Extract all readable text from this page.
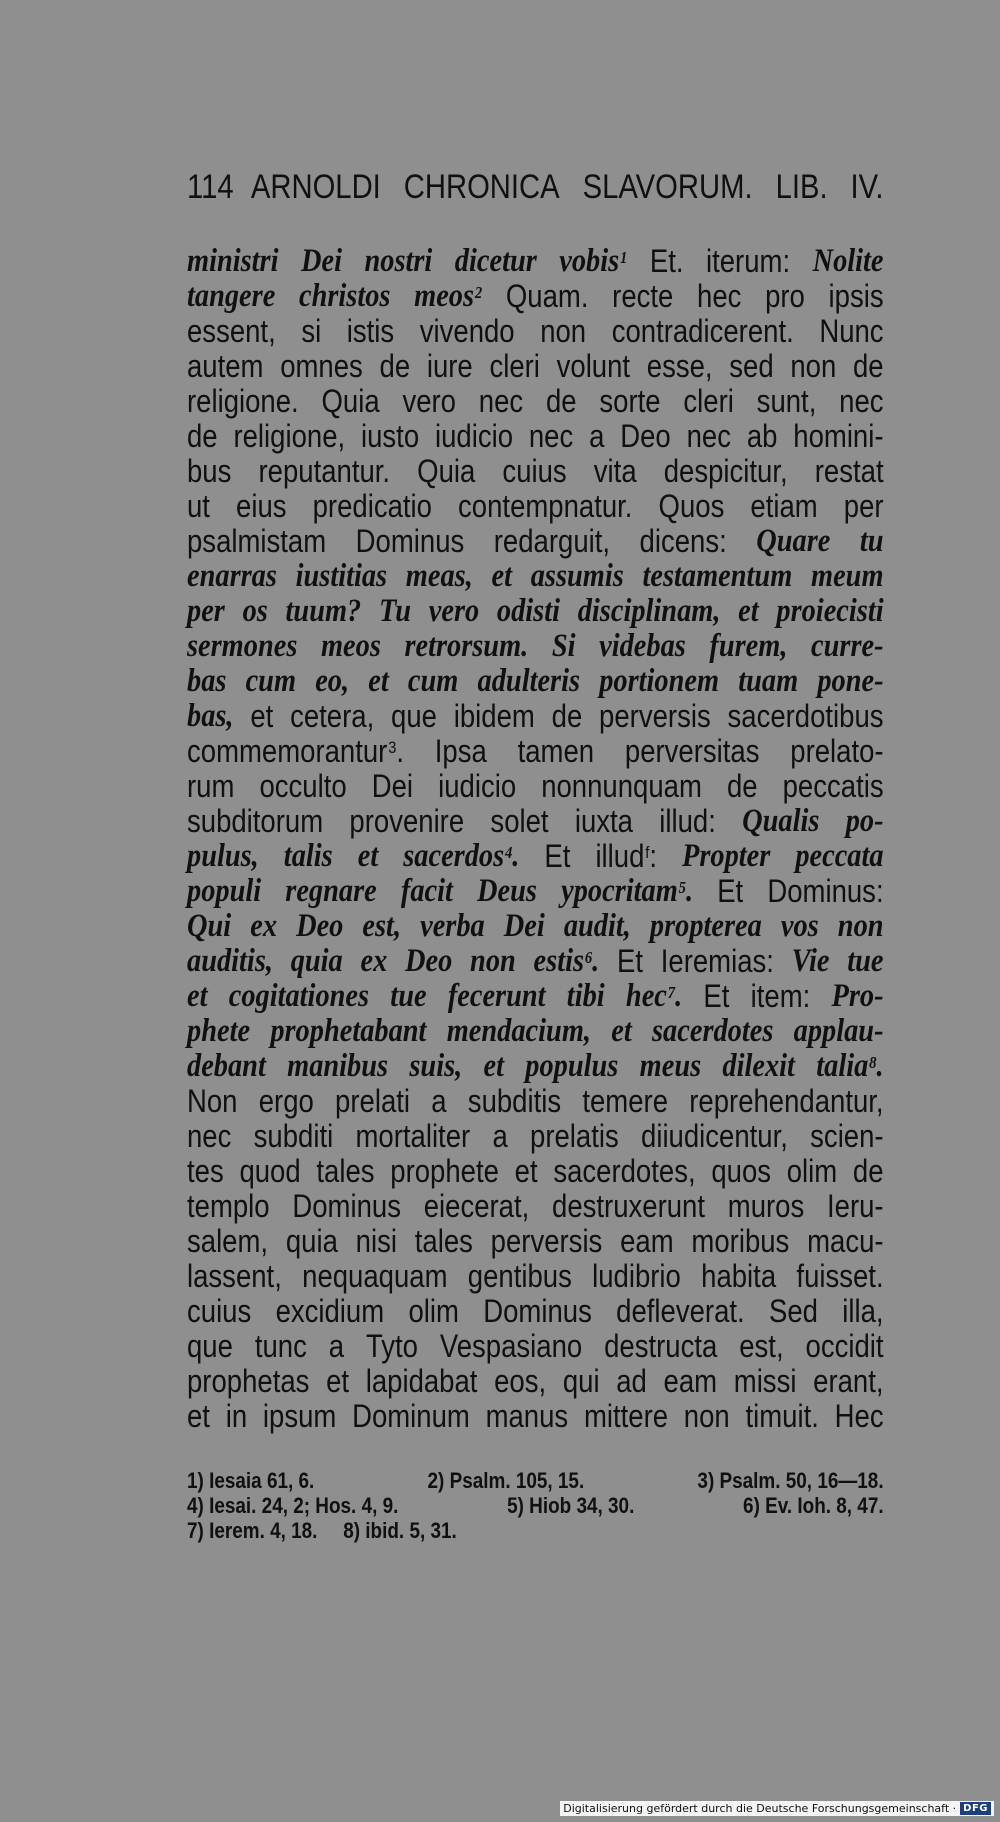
114 ARNOLDI CHRONICA SLAVORUM. LIB. IV.
ministri Dei nostri dicetur vobis$^1$ Et. iterum: Nolite
tangere christos meos$^2$ Quam. recte hec pro ipsis
essent, si istis vivendo non contradicerent. Nunc
autem omnes de iure cleri volunt esse, sed non de
religione. Quia vero nec de sorte cleri sunt, nec
de religione, iusto iudicio nec a Deo nec ab homini-
bus reputantur. Quia cuius vita despicitur, restat
ut eius predicatio contempnatur. Quos etiam per
psalmistam Dominus redarguit, dicens: Quare tu
enarras iustitias meas, et assumis testamentum meum
per os tuum? Tu vero odisti disciplinam, et proiecisti
sermones meos retrorsum. Si videbas furem, curre-
bas cum eo, et cum adulteris portionem tuam pone-
bas, et cetera, que ibidem de perversis sacerdotibus
commemorantur$^3$. Ipsa tamen perversitas prelato-
rum occulto Dei iudicio nonnunquam de peccatis
subditorum provenire solet iuxta illud: Qualis po-
pulus, talis et sacerdos$^4$. Et illud$^f$: Propter peccata
populi regnare facit Deus ypocritam$^5$. Et Dominus:
Qui ex Deo est, verba Dei audit, propterea vos non
auditis, quia ex Deo non estis$^6$. Et Ieremias: Vie tue
et cogitationes tue fecerunt tibi hec$^7$. Et item: Pro-
phete prophetabant mendacium, et sacerdotes applau-
debant manibus suis, et populus meus dilexit talia$^8$.
Non ergo prelati a subditis temere reprehendantur,
nec subditi mortaliter a prelatis diiudicentur, scien-
tes quod tales prophete et sacerdotes, quos olim de
templo Dominus eiecerat, destruxerunt muros Ieru-
salem, quia nisi tales perversis eam moribus macu-
lassent, nequaquam gentibus ludibrio habita fuisset.
cuius excidium olim Dominus defleverat. Sed illa,
que tunc a Tyto Vespasiano destructa est, occidit
prophetas et lapidabat eos, qui ad eam missi erant,
et in ipsum Dominum manus mittere non timuit. Hec
1) Iesaia 61, 6.	2) Psalm. 105, 15.	3) Psalm. 50, 16—18.
4) Iesai. 24, 2; Hos. 4, 9.	5) Hiob 34, 30.	6) Ev. Ioh. 8, 47.
7) Ierem. 4, 18. 8) ibid. 5, 31.
Digitalisierung gefördert durch die Deutsche Forschungsgemeinschaft · DFG
